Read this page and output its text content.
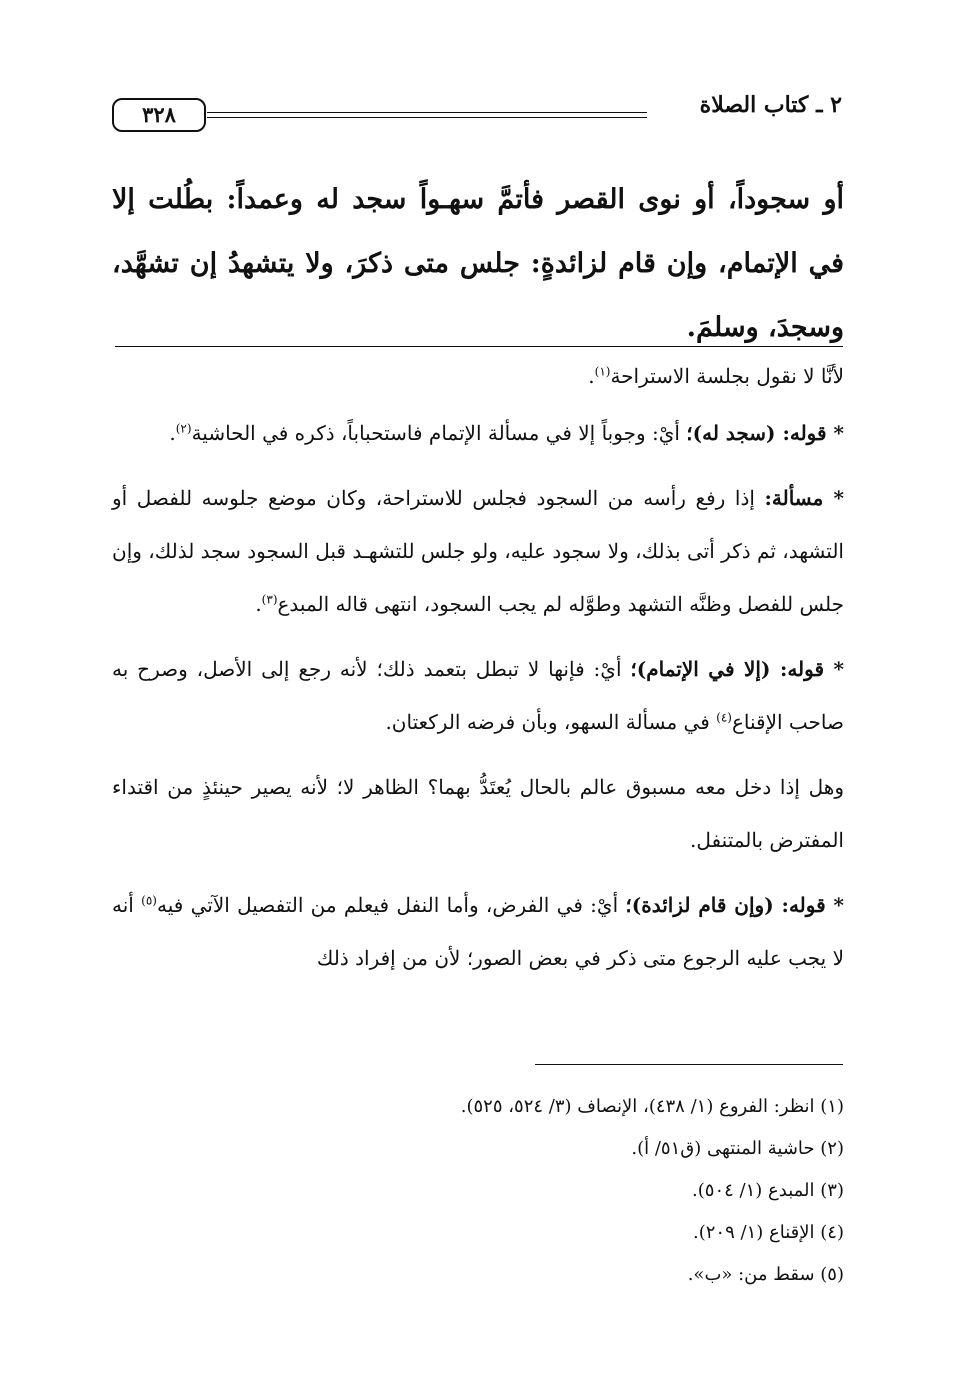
٢ ـ كتاب الصلاة
٣٢٨

أو سجوداً، أو نوى القصر فأتمَّ سهـواً سجد له وعمداً: بطُلت إلا في الإتمام، وإن قام لزائدةٍ: جلس متى ذكرَ، ولا يتشهدُ إن تشهَّد، وسجدَ، وسلمَ.

لأنَّا لا نقول بجلسة الاستراحة$^{(١)}$.

* قوله: (سجد له)؛ أيْ: وجوباً إلا في مسألة الإتمام فاستحباباً، ذكره في الحاشية$^{(٢)}$.

* مسألة: إذا رفع رأسه من السجود فجلس للاستراحة، وكان موضع جلوسه للفصل أو التشهد، ثم ذكر أتى بذلك، ولا سجود عليه، ولو جلس للتشهـد قبل السجود سجد لذلك، وإن جلس للفصل وظنَّه التشهد وطوَّله لم يجب السجود، انتهى قاله المبدع$^{(٣)}$.

* قوله: (إلا في الإتمام)؛ أيْ: فإنها لا تبطل بتعمد ذلك؛ لأنه رجع إلى الأصل، وصرح به صاحب الإقناع$^{(٤)}$ في مسألة السهو، وبأن فرضه الركعتان.

وهل إذا دخل معه مسبوق عالم بالحال يُعتَدُّ بهما؟ الظاهر لا؛ لأنه يصير حينئذٍ من اقتداء المفترض بالمتنفل.

* قوله: (وإن قام لزائدة)؛ أيْ: في الفرض، وأما النفل فيعلم من التفصيل الآتي فيه$^{(٥)}$ أنه لا يجب عليه الرجوع متى ذكر في بعض الصور؛ لأن من إفراد ذلك

(١) انظر: الفروع (١/ ٤٣٨)، الإنصاف (٣/ ٥٢٤، ٥٢٥).

(٢) حاشية المنتهى (ق٥١/ أ).

(٣) المبدع (١/ ٥٠٤).

(٤) الإقناع (١/ ٢٠٩).

(٥) سقط من: «ب».
